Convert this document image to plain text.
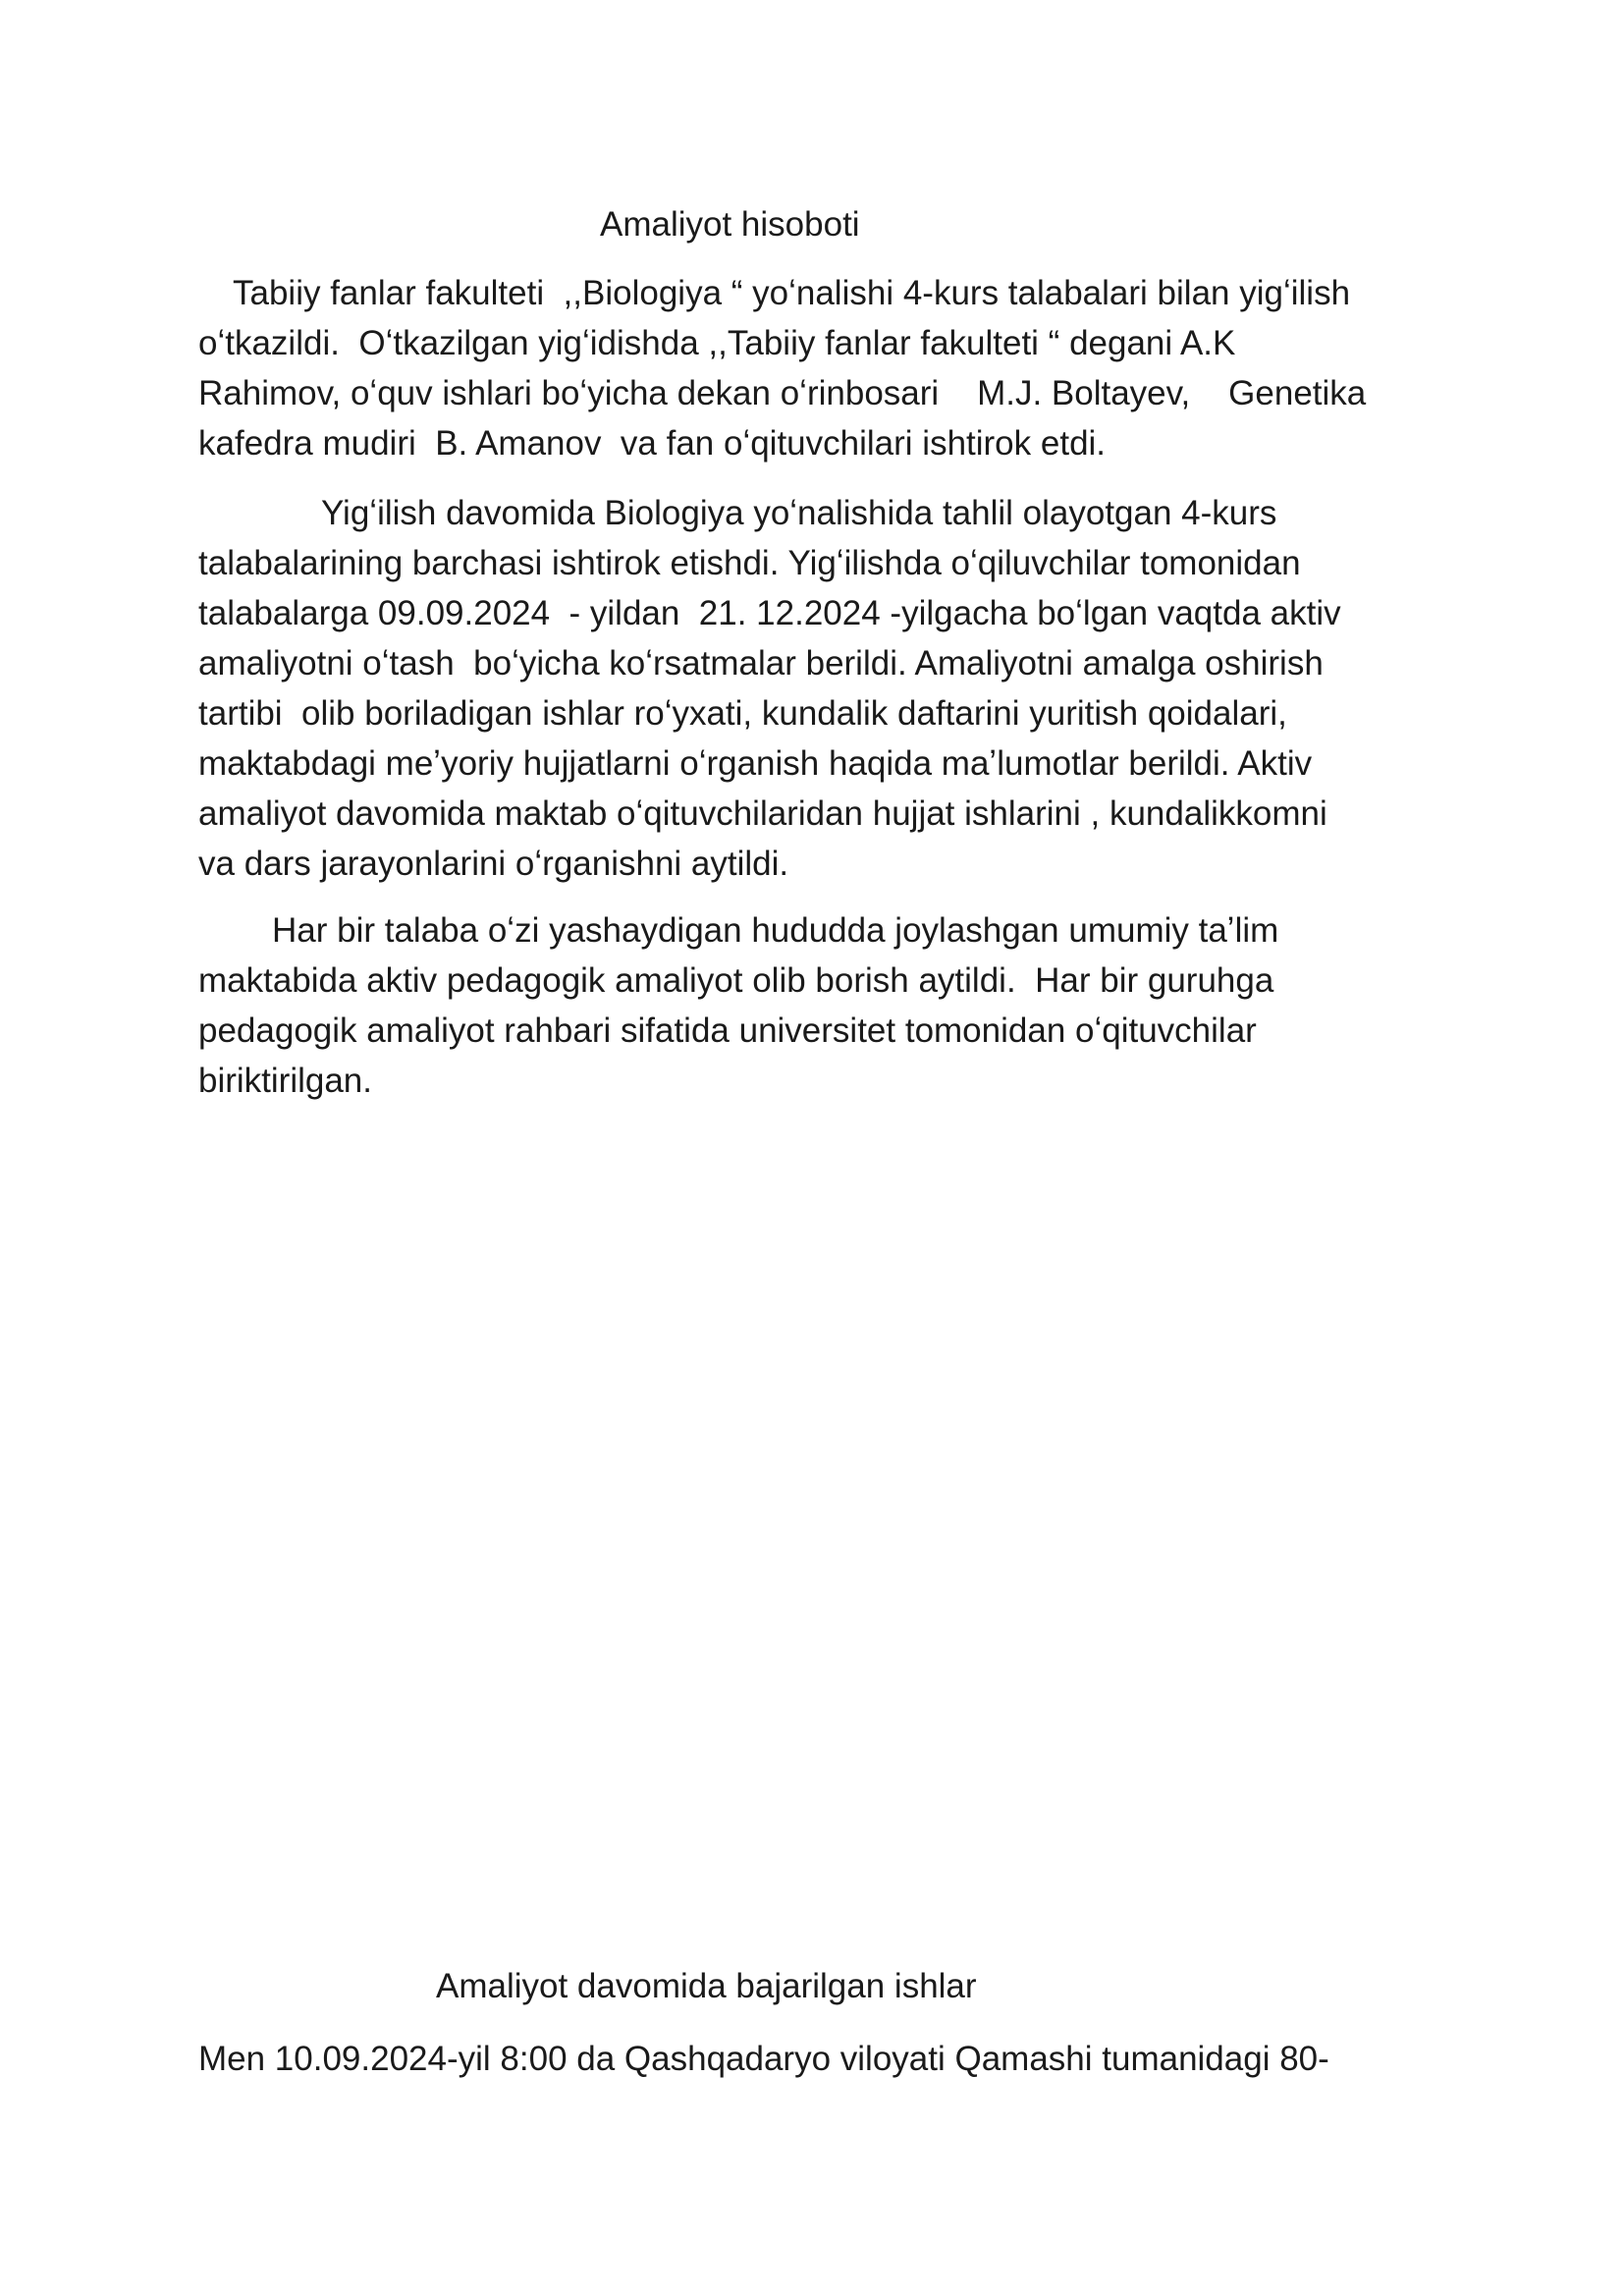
Amaliyot hisoboti

Tabiiy fanlar fakulteti  ,,Biologiya “ yoʻnalishi 4-kurs talabalari bilan yigʻilish

oʻtkazildi.  Oʻtkazilgan yigʻidishda ,,Tabiiy fanlar fakulteti “ degani A.K

Rahimov, oʻquv ishlari boʻyicha dekan oʻrinbosari    M.J. Boltayev,    Genetika

kafedra mudiri  B. Amanov  va fan oʻqituvchilari ishtirok etdi.

Yigʻilish davomida Biologiya yoʻnalishida tahlil olayotgan 4-kurs

talabalarining barchasi ishtirok etishdi. Yigʻilishda oʻqiluvchilar tomonidan

talabalarga 09.09.2024  - yildan  21. 12.2024 -yilgacha boʻlgan vaqtda aktiv

amaliyotni oʻtash  boʻyicha koʻrsatmalar berildi. Amaliyotni amalga oshirish

tartibi  olib boriladigan ishlar roʻyxati, kundalik daftarini yuritish qoidalari,

maktabdagi meʼyoriy hujjatlarni oʻrganish haqida maʼlumotlar berildi. Aktiv

amaliyot davomida maktab oʻqituvchilaridan hujjat ishlarini , kundalikkomni

va dars jarayonlarini oʻrganishni aytildi.

Har bir talaba oʻzi yashaydigan hududda joylashgan umumiy taʼlim

maktabida aktiv pedagogik amaliyot olib borish aytildi.  Har bir guruhga

pedagogik amaliyot rahbari sifatida universitet tomonidan oʻqituvchilar

biriktirilgan.

Amaliyot davomida bajarilgan ishlar

Men 10.09.2024-yil 8:00 da Qashqadaryo viloyati Qamashi tumanidagi 80-
